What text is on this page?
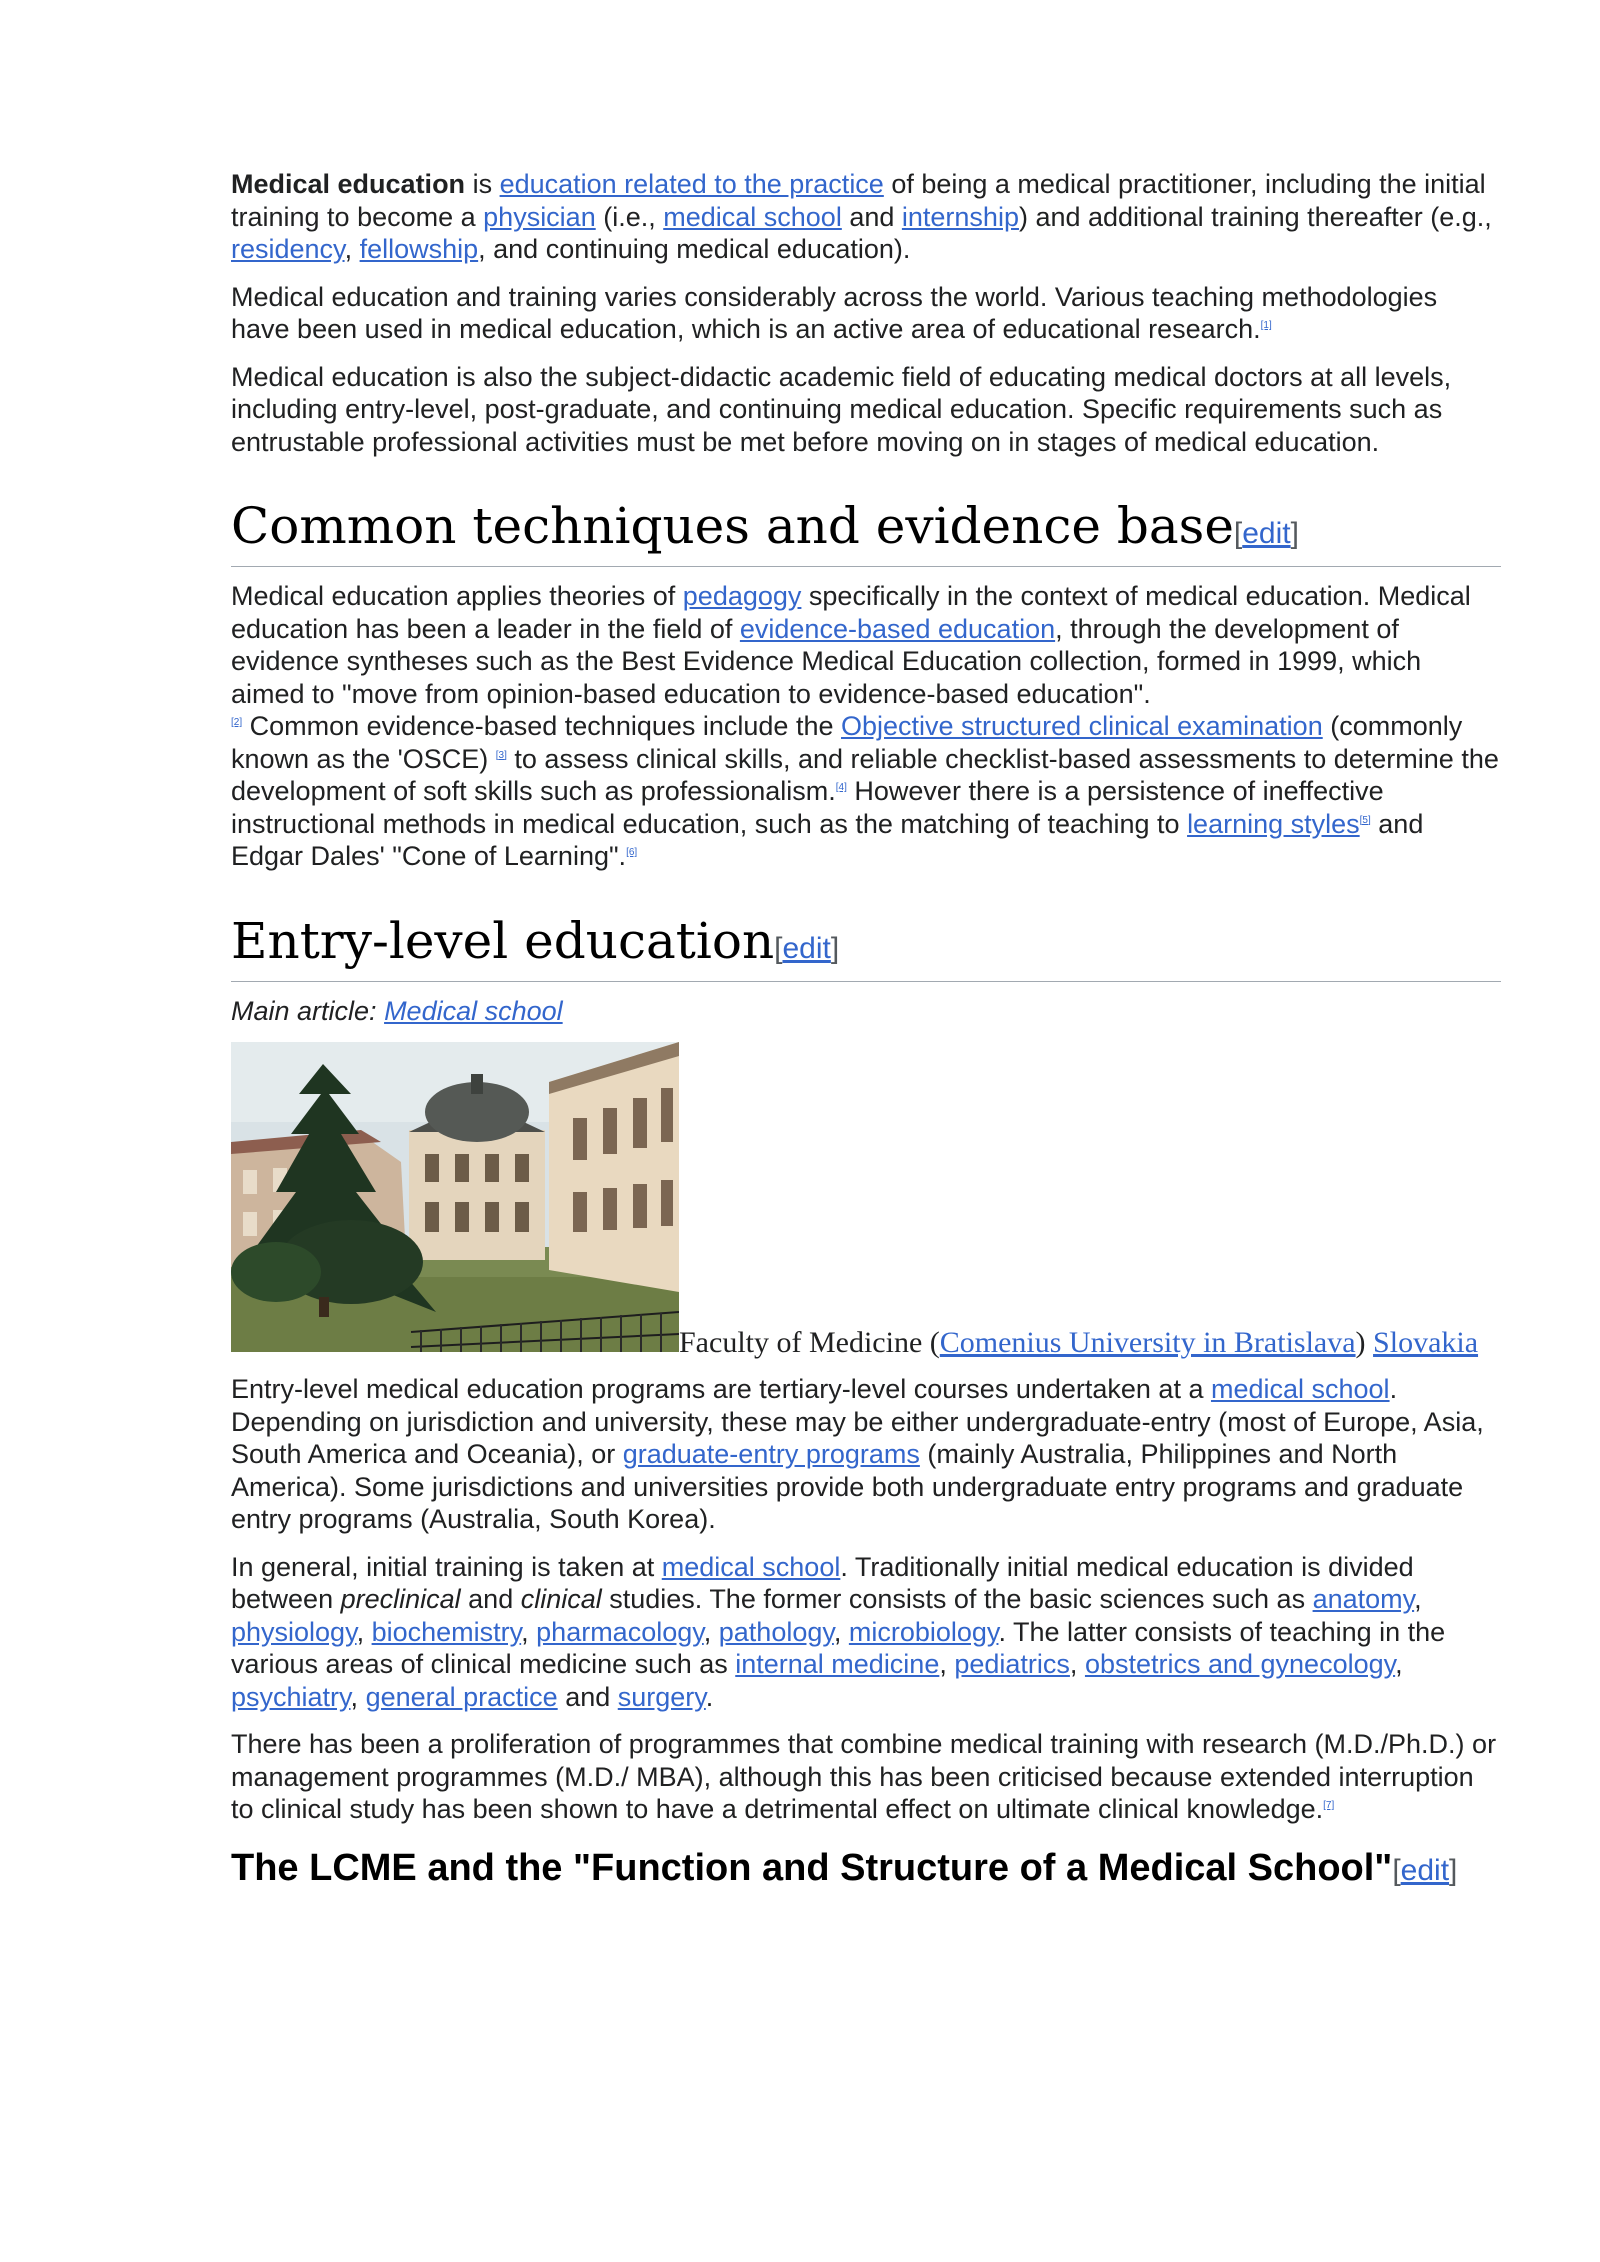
Medical education is education related to the practice of being a medical practitioner, including the initial training to become a physician (i.e., medical school and internship) and additional training thereafter (e.g., residency, fellowship, and continuing medical education).

Medical education and training varies considerably across the world. Various teaching methodologies have been used in medical education, which is an active area of educational research.[1]

Medical education is also the subject-didactic academic field of educating medical doctors at all levels, including entry-level, post-graduate, and continuing medical education. Specific requirements such as entrustable professional activities must be met before moving on in stages of medical education.

Common techniques and evidence base[edit]

Medical education applies theories of pedagogy specifically in the context of medical education. Medical education has been a leader in the field of evidence-based education, through the development of evidence syntheses such as the Best Evidence Medical Education collection, formed in 1999, which aimed to "move from opinion-based education to evidence-based education".
[2] Common evidence-based techniques include the Objective structured clinical examination (commonly known as the 'OSCE) [3] to assess clinical skills, and reliable checklist-based assessments to determine the development of soft skills such as professionalism.[4] However there is a persistence of ineffective instructional methods in medical education, such as the matching of teaching to learning styles[5] and Edgar Dales' "Cone of Learning".[6]

Entry-level education[edit]
Main article: Medical school
Faculty of Medicine (Comenius University in Bratislava) Slovakia

Entry-level medical education programs are tertiary-level courses undertaken at a medical school. Depending on jurisdiction and university, these may be either undergraduate-entry (most of Europe, Asia, South America and Oceania), or graduate-entry programs (mainly Australia, Philippines and North America). Some jurisdictions and universities provide both undergraduate entry programs and graduate entry programs (Australia, South Korea).

In general, initial training is taken at medical school. Traditionally initial medical education is divided between preclinical and clinical studies. The former consists of the basic sciences such as anatomy, physiology, biochemistry, pharmacology, pathology, microbiology. The latter consists of teaching in the various areas of clinical medicine such as internal medicine, pediatrics, obstetrics and gynecology, psychiatry, general practice and surgery.

There has been a proliferation of programmes that combine medical training with research (M.D./Ph.D.) or management programmes (M.D./ MBA), although this has been criticised because extended interruption to clinical study has been shown to have a detrimental effect on ultimate clinical knowledge.[7]

The LCME and the "Function and Structure of a Medical School"[edit]
